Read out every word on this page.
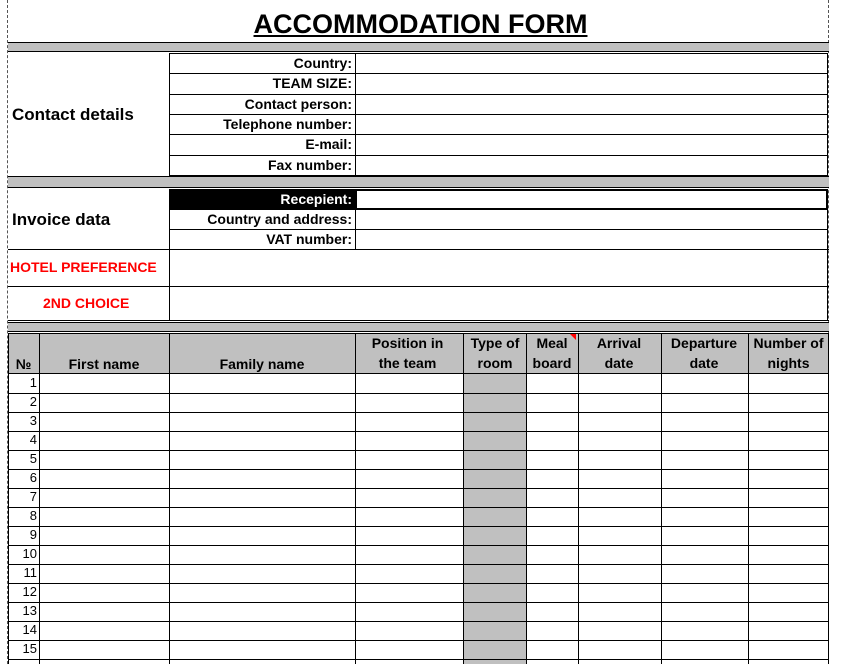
ACCOMMODATION FORM
Contact details
Country:
TEAM SIZE:
Contact person:
Telephone number:
E-mail:
Fax number:
Invoice data
Recepient:
Country and address:
VAT number:
HOTEL PREFERENCE
2ND CHOICE
№	First name	Family name
Position in the team
Type of room
Meal board
Arrival date
Departure date
Number of nights
1
2
3
4
5
6
7
8
9
10
11
12
13
14
15
